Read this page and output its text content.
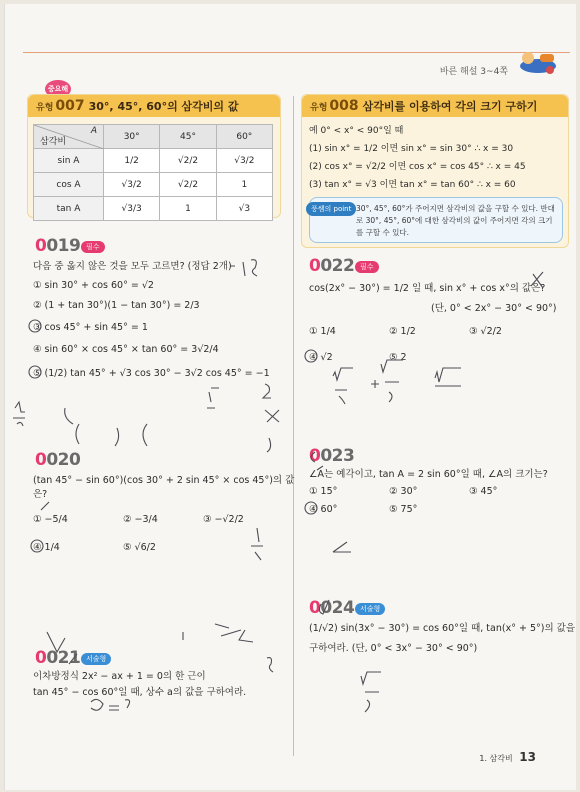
바른 해설 3~4쪽
중요해
유형 007 30°, 45°, 60°의 삼각비의 값
A
삼각비	30°	45°	60°
sin A	1/2	√2/2	√3/2
cos A	√3/2	√2/2	1
tan A	√3/3	1	√3
유형 008 삼각비를 이용하여 각의 크기 구하기
예 0° < x° < 90°일 때
(1) sin x° = 1/2 이면 sin x° = sin 30° ∴ x = 30
(2) cos x° = √2/2 이면 cos x° = cos 45° ∴ x = 45
(3) tan x° = √3 이면 tan x° = tan 60° ∴ x = 60
풍쌤의 point 30°, 45°, 60°가 주어지면 삼각비의 값을 구할 수 있다. 반대로 30°, 45°, 60°에 대한 삼각비의 값이 주어지면 각의 크기를 구할 수 있다.
0019 필수
다음 중 옳지 않은 것을 모두 고르면? (정답 2개)
① sin 30° + cos 60° = √2
② (1 + tan 30°)(1 − tan 30°) = 2/3
③ cos 45° + sin 45° = 1
④ sin 60° × cos 45° × tan 60° = 3√2/4
⑤ (1/2) tan 45° + √3 cos 30° − 3√2 cos 45° = −1
0020
(tan 45° − sin 60°)(cos 30° + 2 sin 45° × cos 45°)의 값
은?
① −5/4	② −3/4	③ −√2/2
④ 1/4	⑤ √6/2
0021 서술형
이차방정식 2x² − ax + 1 = 0의 한 근이
tan 45° − cos 60°일 때, 상수 a의 값을 구하여라.
0022 필수
cos(2x° − 30°) = 1/2 일 때, sin x° + cos x°의 값은?
(단, 0° < 2x° − 30° < 90°)
① 1/4	② 1/2	③ √2/2
④ √2	⑤ 2
0023
∠A는 예각이고, tan A = 2 sin 60°일 때, ∠A의 크기는?
① 15°	② 30°	③ 45°
④ 60°	⑤ 75°
0024 서술형
(1/√2) sin(3x° − 30°) = cos 60°일 때, tan(x° + 5°)의 값을
구하여라. (단, 0° < 3x° − 30° < 90°)
1. 삼각비 13
